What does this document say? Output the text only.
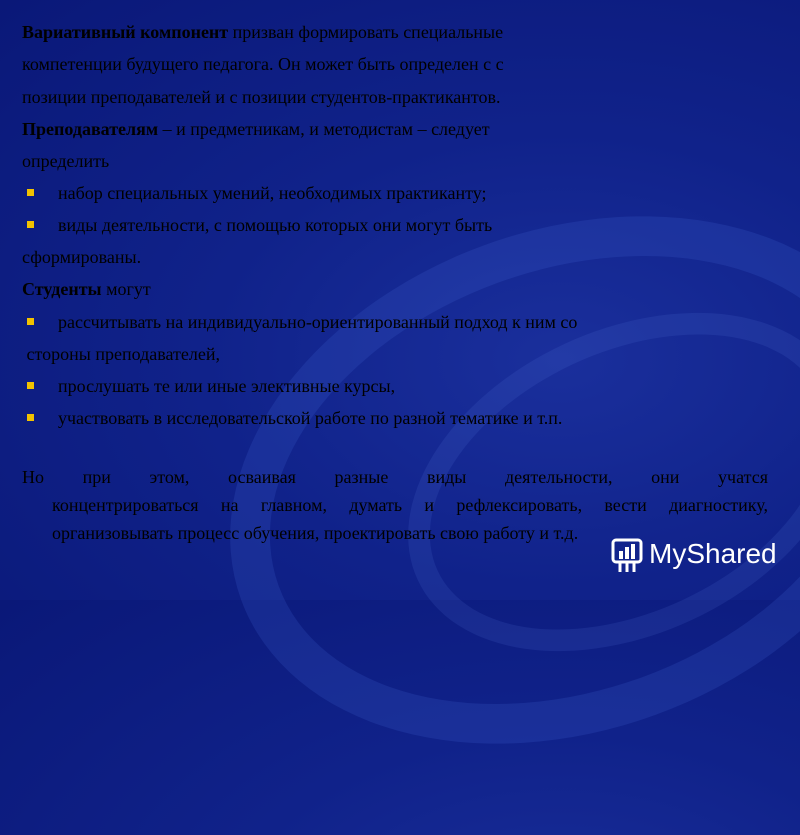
Вариативный компонент призван формировать специальные
компетенции будущего педагога. Он может быть определен с с
позиции преподавателей и с позиции студентов-практикантов.
Преподавателям – и предметникам, и методистам – следует
определить
набор специальных умений, необходимых практиканту;
виды деятельности, с помощью которых они могут быть
сформированы.
Студенты могут
рассчитывать на индивидуально-ориентированный подход к ним со
стороны преподавателей,
прослушать те или иные элективные курсы,
участвовать в исследовательской работе по разной тематике и т.п.
Но при этом, осваивая разные виды деятельности, они учатся
концентрироваться на главном, думать и рефлексировать, вести диагностику, организовывать процесс обучения, проектировать свою работу и т.д.
MyShared
